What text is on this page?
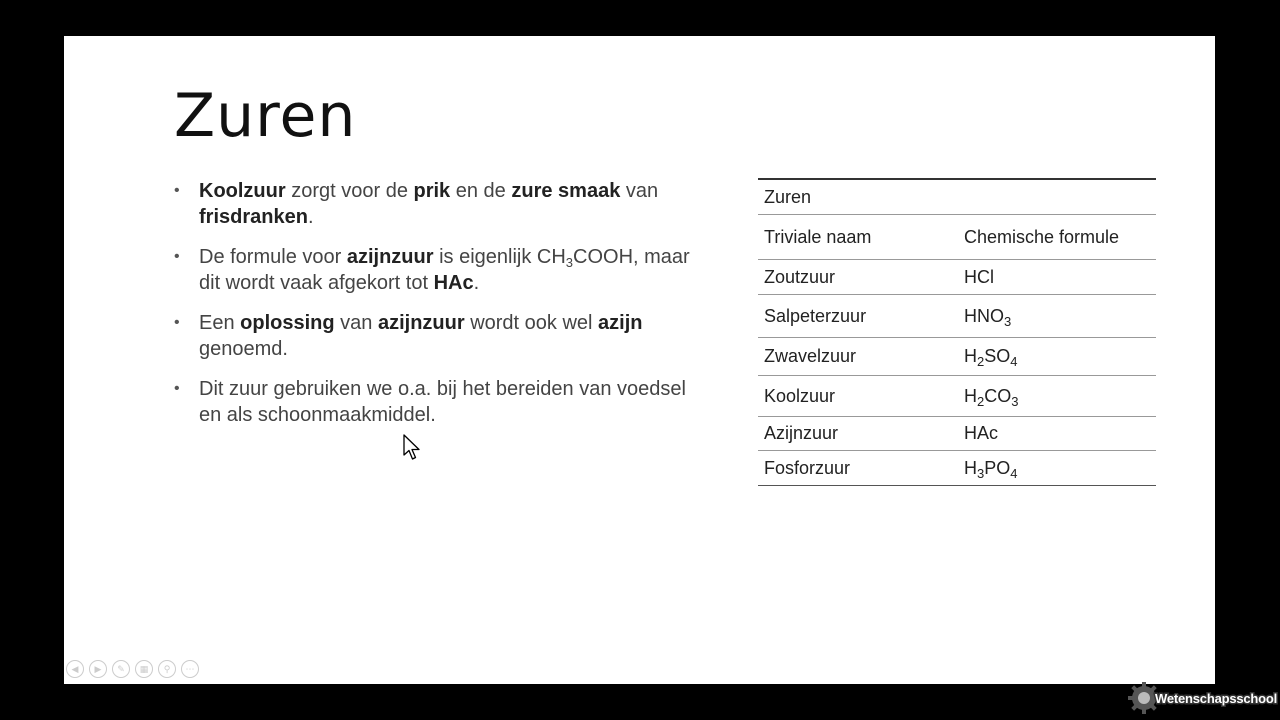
Zuren
• Koolzuur zorgt voor de prik en de zure smaak van frisdranken.
• De formule voor azijnzuur is eigenlijk $CH_3COOH$, maar dit wordt vaak afgekort tot HAc.
• Een oplossing van azijnzuur wordt ook wel azijn genoemd.
• Dit zuur gebruiken we o.a. bij het bereiden van voedsel en als schoonmaakmiddel.
Zuren	
Triviale naam	Chemische formule
Zoutzuur	HCl
Salpeterzuur	$HNO_3$
Zwavelzuur	$H_2SO_4$
Koolzuur	$H_2CO_3$
Azijnzuur	HAc
Fosforzuur	$H_3PO_4$
Wetenschapsschool
◀	▶	✎	▦	⚲	⋯
